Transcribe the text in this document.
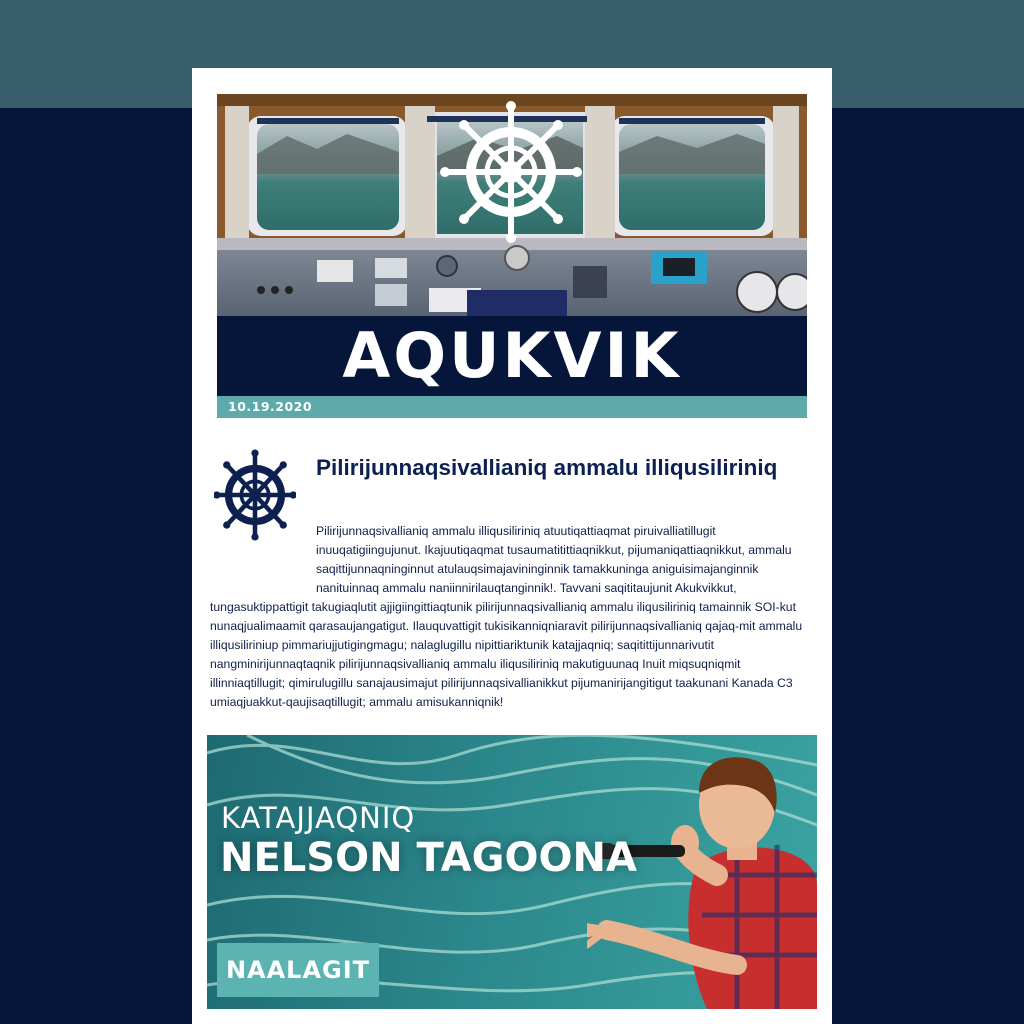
AQUKVIK
10.19.2020
Pilirijunnaqsivallianiq ammalu illiqusiliriniq

Pilirijunnaqsivallianiq ammalu illiqusiliriniq atuutiqattiaqmat piruivalliatillugit inuuqatigiingujunut. Ikajuutiqaqmat tusaumatitittiaqnikkut, pijumaniqattiaqnikkut, ammalu saqittijunnaqninginnut atulauqsimajavininginnik tamakkuninga aniguisimajanginnik nanituinnaq ammalu naniinnirilauqtanginnik!. Tavvani saqititaujunit Akukvikkut, tungasuktippattigit takugiaqlutit ajjigiingittiaqtunik pilirijunnaqsivallianiq ammalu iliqusiliriniq tamainnik SOI-kut nunaqjualimaamit qarasaujangatigut. Ilauquvattigit tukisikanniqniaravit pilirijunnaqsivallianiq qajaq-mit ammalu illiqusiliriniup pimmariujjutigingmagu; nalaglugillu nipittiariktunik katajjaqniq; saqitittijunnarivutit nangminirijunnaqtaqnik pilirijunnaqsivallianiq ammalu iliqusiliriniq makutiguunaq Inuit miqsuqniqmit illinniaqtillugit; qimirulugillu sanajausimajut pilirijunnaqsivallianikkut pijumanirijangitigut taakunani Kanada C3 umiaqjuakkut-qaujisaqtillugit; ammalu amisukanniqnik!

KATAJJAQNIQ
NELSON TAGOONA
NAALAGIT
